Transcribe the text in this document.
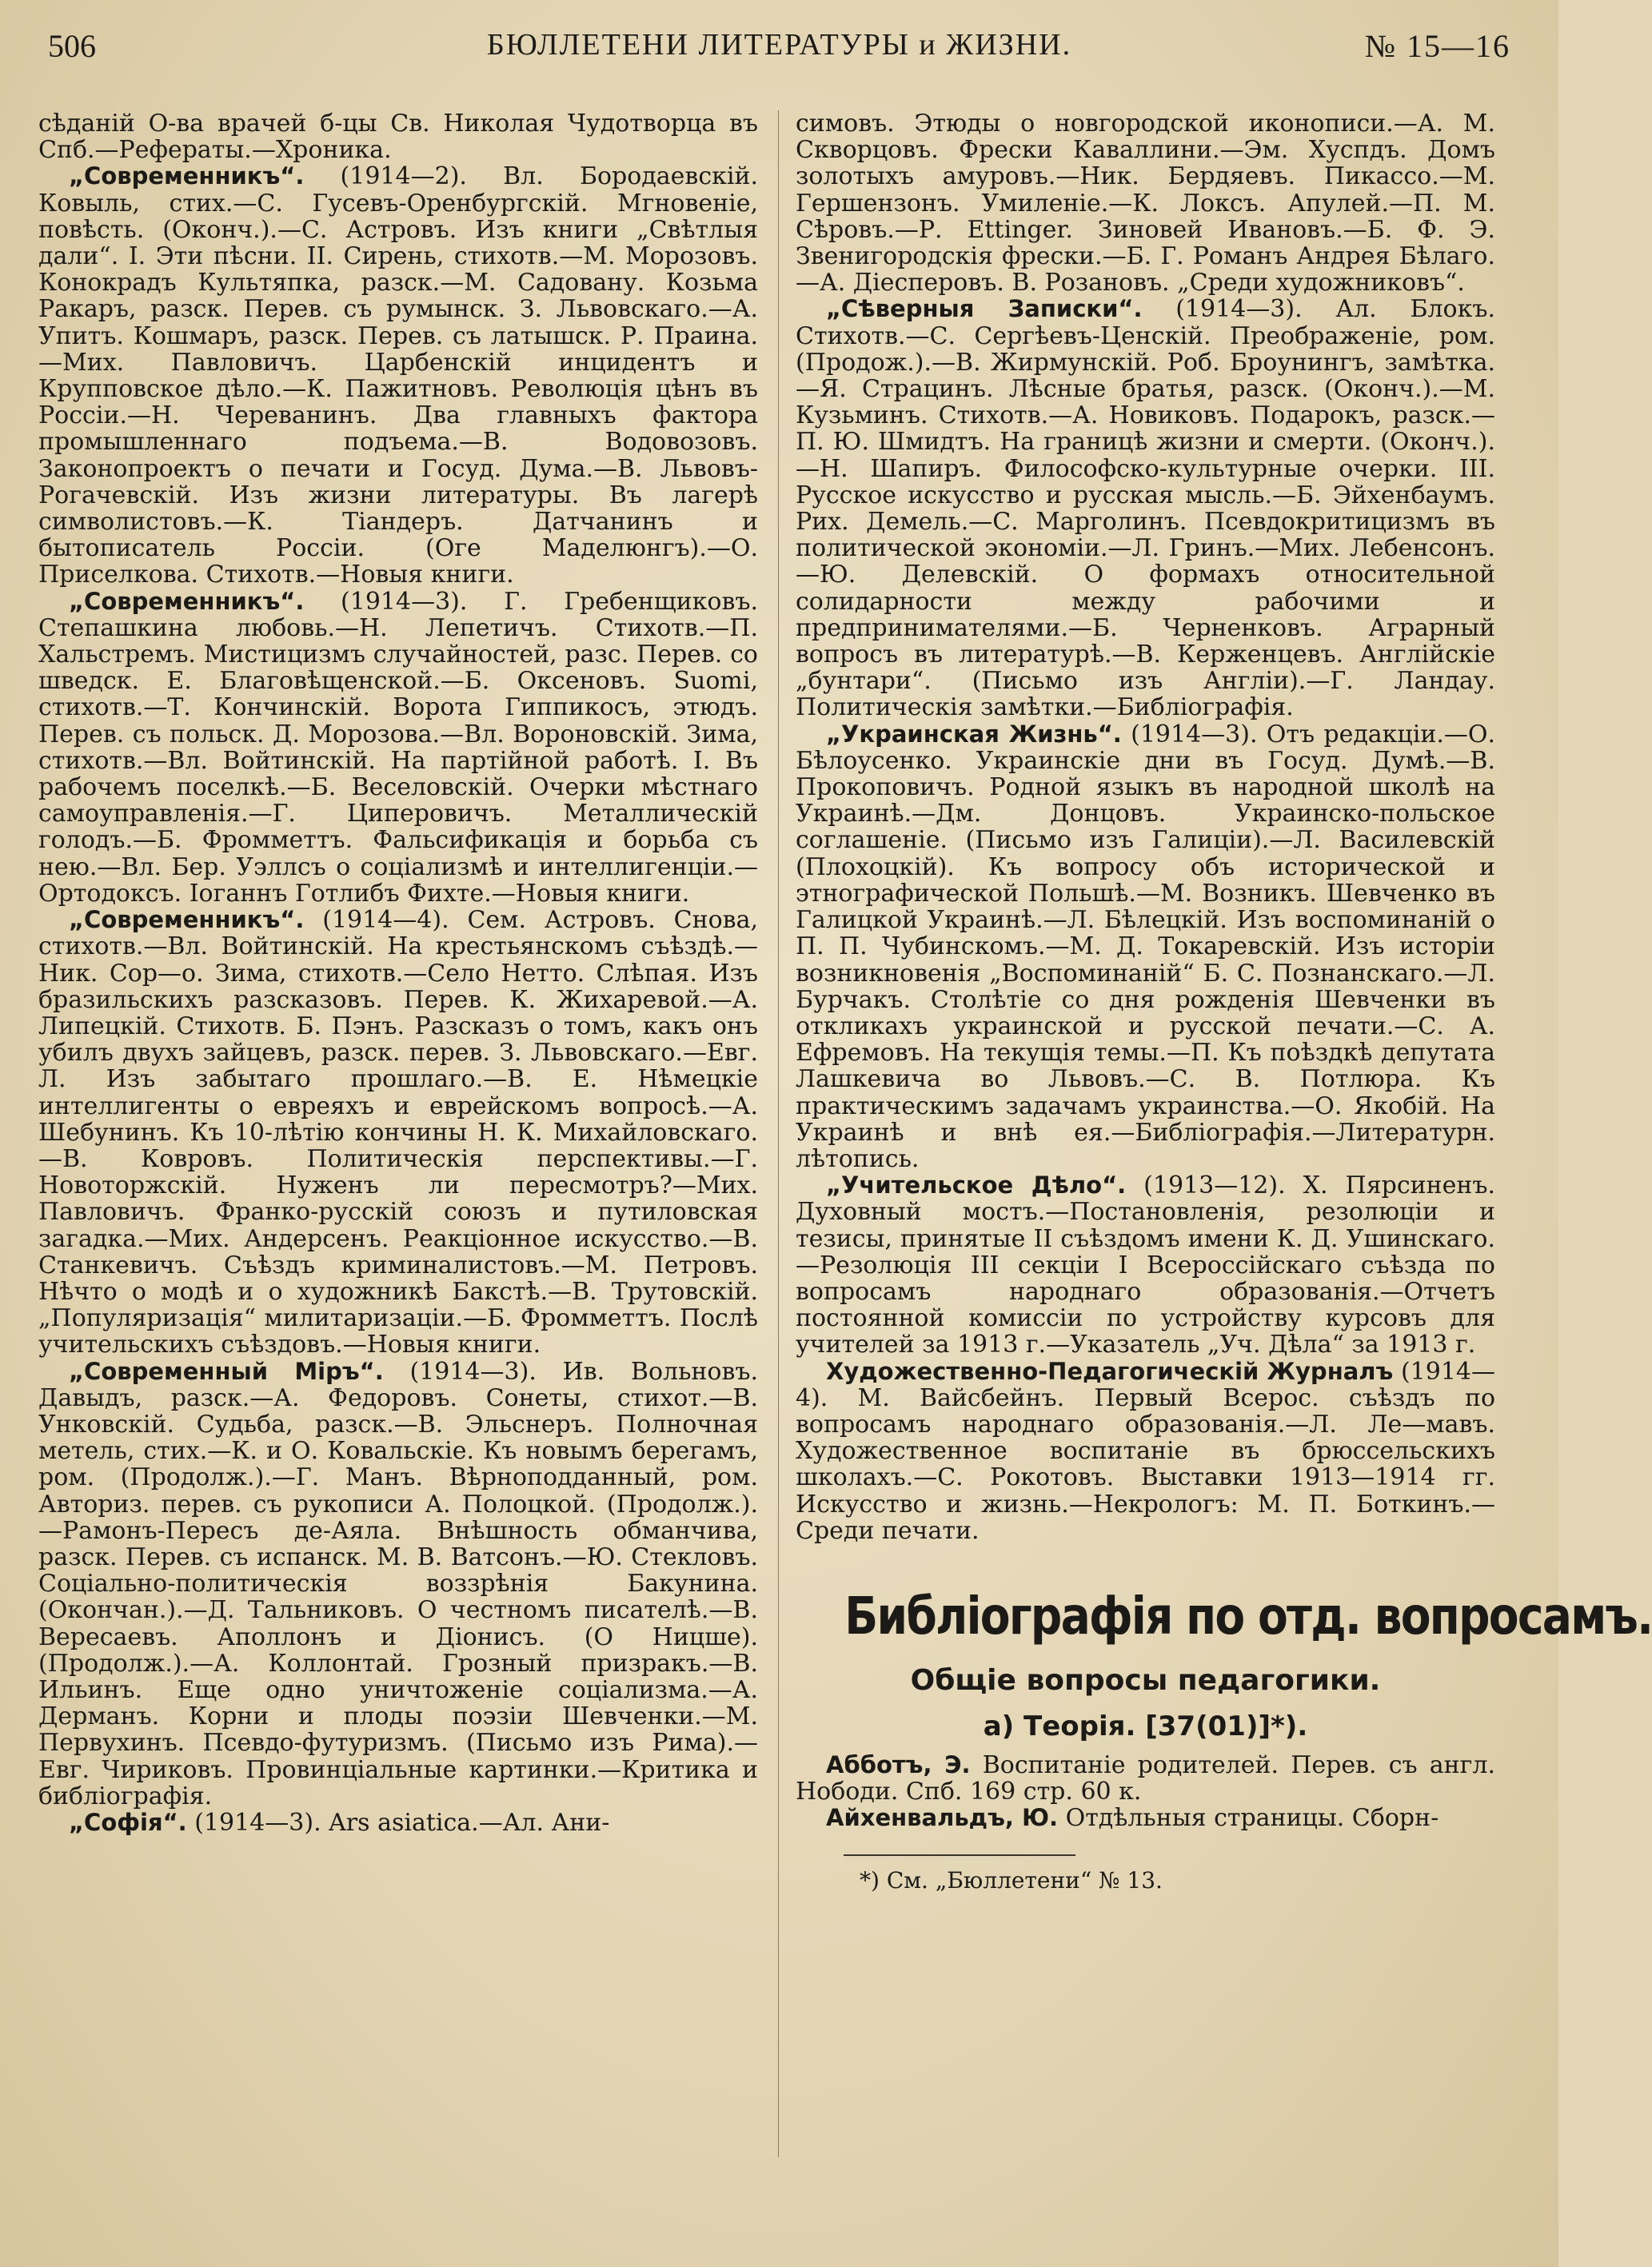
506	БЮЛЛЕТЕНИ ЛИТЕРАТУРЫ и ЖИЗНИ.	№ 15—16

сѣданій О-ва врачей б-цы Св. Николая Чудотворца въ Спб.—Рефераты.—Хроника.

„Современникъ“. (1914—2). Вл. Бородаевскій. Ковыль, стих.—С. Гусевъ-Оренбургскій. Мгновеніе, повѣсть. (Оконч.).—С. Астровъ. Изъ книги „Свѣтлыя дали“. І. Эти пѣсни. ІІ. Сирень, стихотв.—М. Морозовъ. Конокрадъ Культяпка, разск.—М. Садовану. Козьма Ракаръ, разск. Перев. съ румынск. З. Львовскаго.—А. Упитъ. Кошмаръ, разск. Перев. съ латышск. Р. Праина.—Мих. Павловичъ. Царбенскій инцидентъ и Крупповское дѣло.—К. Пажитновъ. Революція цѣнъ въ Россіи.—Н. Череванинъ. Два главныхъ фактора промышленнаго подъема.—В. Водовозовъ. Законопроектъ о печати и Госуд. Дума.—В. Львовъ-Рогачевскій. Изъ жизни литературы. Въ лагерѣ символистовъ.—К. Тіандеръ. Датчанинъ и бытописатель Россіи. (Оге Маделюнгъ).—О. Приселкова. Стихотв.—Новыя книги.

„Современникъ“. (1914—3). Г. Гребенщиковъ. Степашкина любовь.—Н. Лепетичъ. Стихотв.—П. Хальстремъ. Мистицизмъ случайностей, разс. Перев. со шведск. Е. Благовѣщенской.—Б. Оксеновъ. Suomi, стихотв.—Т. Кончинскій. Ворота Гиппикосъ, этюдъ. Перев. съ польск. Д. Морозова.—Вл. Вороновскій. Зима, стихотв.—Вл. Войтинскій. На партійной работѣ. І. Въ рабочемъ поселкѣ.—Б. Веселовскій. Очерки мѣстнаго самоуправленія.—Г. Циперовичъ. Металлическій голодъ.—Б. Фромметтъ. Фальсификація и борьба съ нею.—Вл. Бер. Уэллсъ о соціализмѣ и интеллигенціи.—Ортодоксъ. Іоганнъ Готлибъ Фихте.—Новыя книги.

„Современникъ“. (1914—4). Сем. Астровъ. Снова, стихотв.—Вл. Войтинскій. На крестьянскомъ съѣздѣ.—Ник. Сор—о. Зима, стихотв.—Село Нетто. Слѣпая. Изъ бразильскихъ разсказовъ. Перев. К. Жихаревой.—А. Липецкій. Стихотв. Б. Пэнъ. Разсказъ о томъ, какъ онъ убилъ двухъ зайцевъ, разск. перев. З. Львовскаго.—Евг. Л. Изъ забытаго прошлаго.—В. Е. Нѣмецкіе интеллигенты о евреяхъ и еврейскомъ вопросѣ.—А. Шебунинъ. Къ 10-лѣтію кончины Н. К. Михайловскаго.—В. Ковровъ. Политическія перспективы.—Г. Новоторжскій. Нуженъ ли пересмотръ?—Мих. Павловичъ. Франко-русскій союзъ и путиловская загадка.—Мих. Андерсенъ. Реакціонное искусство.—В. Станкевичъ. Съѣздъ криминалистовъ.—М. Петровъ. Нѣчто о модѣ и о художникѣ Бакстѣ.—В. Трутовскій. „Популяризація“ милитаризаціи.—Б. Фромметтъ. Послѣ учительскихъ съѣздовъ.—Новыя книги.

„Современный Міръ“. (1914—3). Ив. Вольновъ. Давыдъ, разск.—А. Федоровъ. Сонеты, стихот.—В. Унковскій. Судьба, разск.—В. Эльснеръ. Полночная метель, стих.—К. и О. Ковальскіе. Къ новымъ берегамъ, ром. (Продолж.).—Г. Манъ. Вѣрноподданный, ром. Авториз. перев. съ рукописи А. Полоцкой. (Продолж.).—Рамонъ-Пересъ де-Аяла. Внѣшность обманчива, разск. Перев. съ испанск. М. В. Ватсонъ.—Ю. Стекловъ. Соціально-политическія воззрѣнія Бакунина. (Окончан.).—Д. Тальниковъ. О честномъ писателѣ.—В. Вересаевъ. Аполлонъ и Діонисъ. (О Ницше). (Продолж.).—А. Коллонтай. Грозный призракъ.—В. Ильинъ. Еще одно уничтоженіе соціализма.—А. Дерманъ. Корни и плоды поэзіи Шевченки.—М. Первухинъ. Псевдо-футуризмъ. (Письмо изъ Рима).—Евг. Чириковъ. Провинціальные картинки.—Критика и библіографія.

„Софія“. (1914—3). Ars asiatica.—Ал. Ани-

симовъ. Этюды о новгородской иконописи.—А. М. Скворцовъ. Фрески Каваллини.—Эм. Хуспдъ. Домъ золотыхъ амуровъ.—Ник. Бердяевъ. Пикассо.—М. Гершензонъ. Умиленіе.—К. Локсъ. Апулей.—П. М. Сѣровъ.—Р. Ettinger. Зиновей Ивановъ.—Б. Ф. Э. Звенигородскія фрески.—Б. Г. Романъ Андрея Бѣлаго.—А. Діесперовъ. В. Розановъ. „Среди художниковъ“.

„Сѣверныя Записки“. (1914—3). Ал. Блокъ. Стихотв.—С. Сергѣевъ-Ценскій. Преображеніе, ром. (Продож.).—В. Жирмунскій. Роб. Броунингъ, замѣтка.—Я. Страцинъ. Лѣсные братья, разск. (Оконч.).—М. Кузьминъ. Стихотв.—А. Новиковъ. Подарокъ, разск.—П. Ю. Шмидтъ. На границѣ жизни и смерти. (Оконч.).—Н. Шапиръ. Философско-культурные очерки. ІІІ. Русское искусство и русская мысль.—Б. Эйхенбаумъ. Рих. Демель.—С. Марголинъ. Псевдокритицизмъ въ политической экономіи.—Л. Гринъ.—Мих. Лебенсонъ.—Ю. Делевскій. О формахъ относительной солидарности между рабочими и предпринимателями.—Б. Черненковъ. Аграрный вопросъ въ литературѣ.—В. Керженцевъ. Англійскіе „бунтари“. (Письмо изъ Англіи).—Г. Ландау. Политическія замѣтки.—Библіографія.

„Украинская Жизнь“. (1914—3). Отъ редакціи.—О. Бѣлоусенко. Украинскіе дни въ Госуд. Думѣ.—В. Прокоповичъ. Родной языкъ въ народной школѣ на Украинѣ.—Дм. Донцовъ. Украинско-польское соглашеніе. (Письмо изъ Галиціи).—Л. Василевскій (Плохоцкій). Къ вопросу объ исторической и этнографической Польшѣ.—М. Возникъ. Шевченко въ Галицкой Украинѣ.—Л. Бѣлецкій. Изъ воспоминаній о П. П. Чубинскомъ.—М. Д. Токаревскій. Изъ исторіи возникновенія „Воспоминаній“ Б. С. Познанскаго.—Л. Бурчакъ. Столѣтіе со дня рожденія Шевченки въ откликахъ украинской и русской печати.—С. А. Ефремовъ. На текущія темы.—П. Къ поѣздкѣ депутата Лашкевича во Львовъ.—С. В. Потлюра. Къ практическимъ задачамъ украинства.—О. Якобій. На Украинѣ и внѣ ея.—Библіографія.—Литературн. лѣтопись.

„Учительское Дѣло“. (1913—12). Х. Пярсиненъ. Духовный мостъ.—Постановленія, резолюціи и тезисы, принятые ІІ съѣздомъ имени К. Д. Ушинскаго.—Резолюція ІІІ секціи І Всероссійскаго съѣзда по вопросамъ народнаго образованія.—Отчетъ постоянной комиссіи по устройству курсовъ для учителей за 1913 г.—Указатель „Уч. Дѣла“ за 1913 г.

Художественно-Педагогическій Журналъ (1914—4). М. Вайсбейнъ. Первый Всерос. съѣздъ по вопросамъ народнаго образованія.—Л. Ле—мавъ. Художественное воспитаніе въ брюссельскихъ школахъ.—С. Рокотовъ. Выставки 1913—1914 гг. Искусство и жизнь.—Некрологъ: М. П. Боткинъ.—Среди печати.

Библіографія по отд. вопросамъ.
Общіе вопросы педагогики.
а) Теорія. [37(01)]*).

Абботъ, Э. Воспитаніе родителей. Перев. съ англ. Нободи. Спб. 169 стр. 60 к.

Айхенвальдъ, Ю. Отдѣльныя страницы. Сборн-

*) См. „Бюллетени“ № 13.
